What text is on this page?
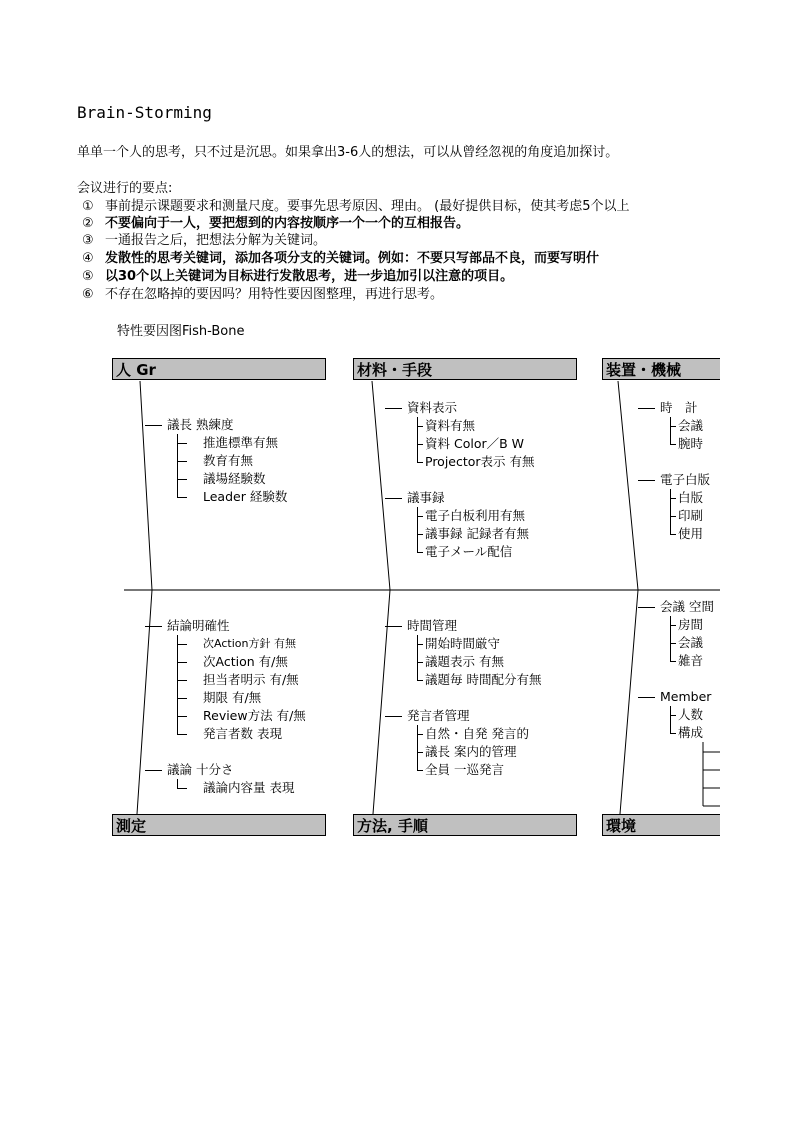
Brain-Storming
单单一个人的思考，只不过是沉思。如果拿出3-6人的想法，可以从曾经忽视的角度追加探讨。
会议进行的要点:
① 事前提示课题要求和测量尺度。要事先思考原因、理由。 (最好提供目标，使其考虑5个以上
② 不要偏向于一人，要把想到的内容按顺序一个一个的互相报告。
③ 一通报告之后，把想法分解为关键词。
④ 发散性的思考关键词，添加各项分支的关键词。例如：不要只写部品不良，而要写明什
⑤ 以30个以上关键词为目标进行发散思考，进一步追加引以注意的项目。
⑥ 不存在忽略掉的要因吗？用特性要因图整理，再进行思考。
特性要因图Fish-Bone
人 Gr	材料・手段	装置・機械
測定	方法, 手順	環境
議長 熟練度
推進標準有無
教育有無
議場経験数
Leader 経験数
資料表示
資料有無
資料 Color／B W
Projector表示 有無
議事録
電子白板利用有無
議事録 記録者有無
電子メール配信
時　計
会議
腕時
電子白版
白版
印刷
使用
結論明確性
次Action方針 有無
次Action 有/無
担当者明示 有/無
期限 有/無
Review方法 有/無
発言者数 表現
議論 十分さ
議論内容量 表現
時間管理
開始時間厳守
議題表示 有無
議題毎 時間配分有無
発言者管理
自然・自発 発言的
議長 案内的管理
全員 一巡発言
会議 空間
房間
会議
雑音
Member
人数
構成
